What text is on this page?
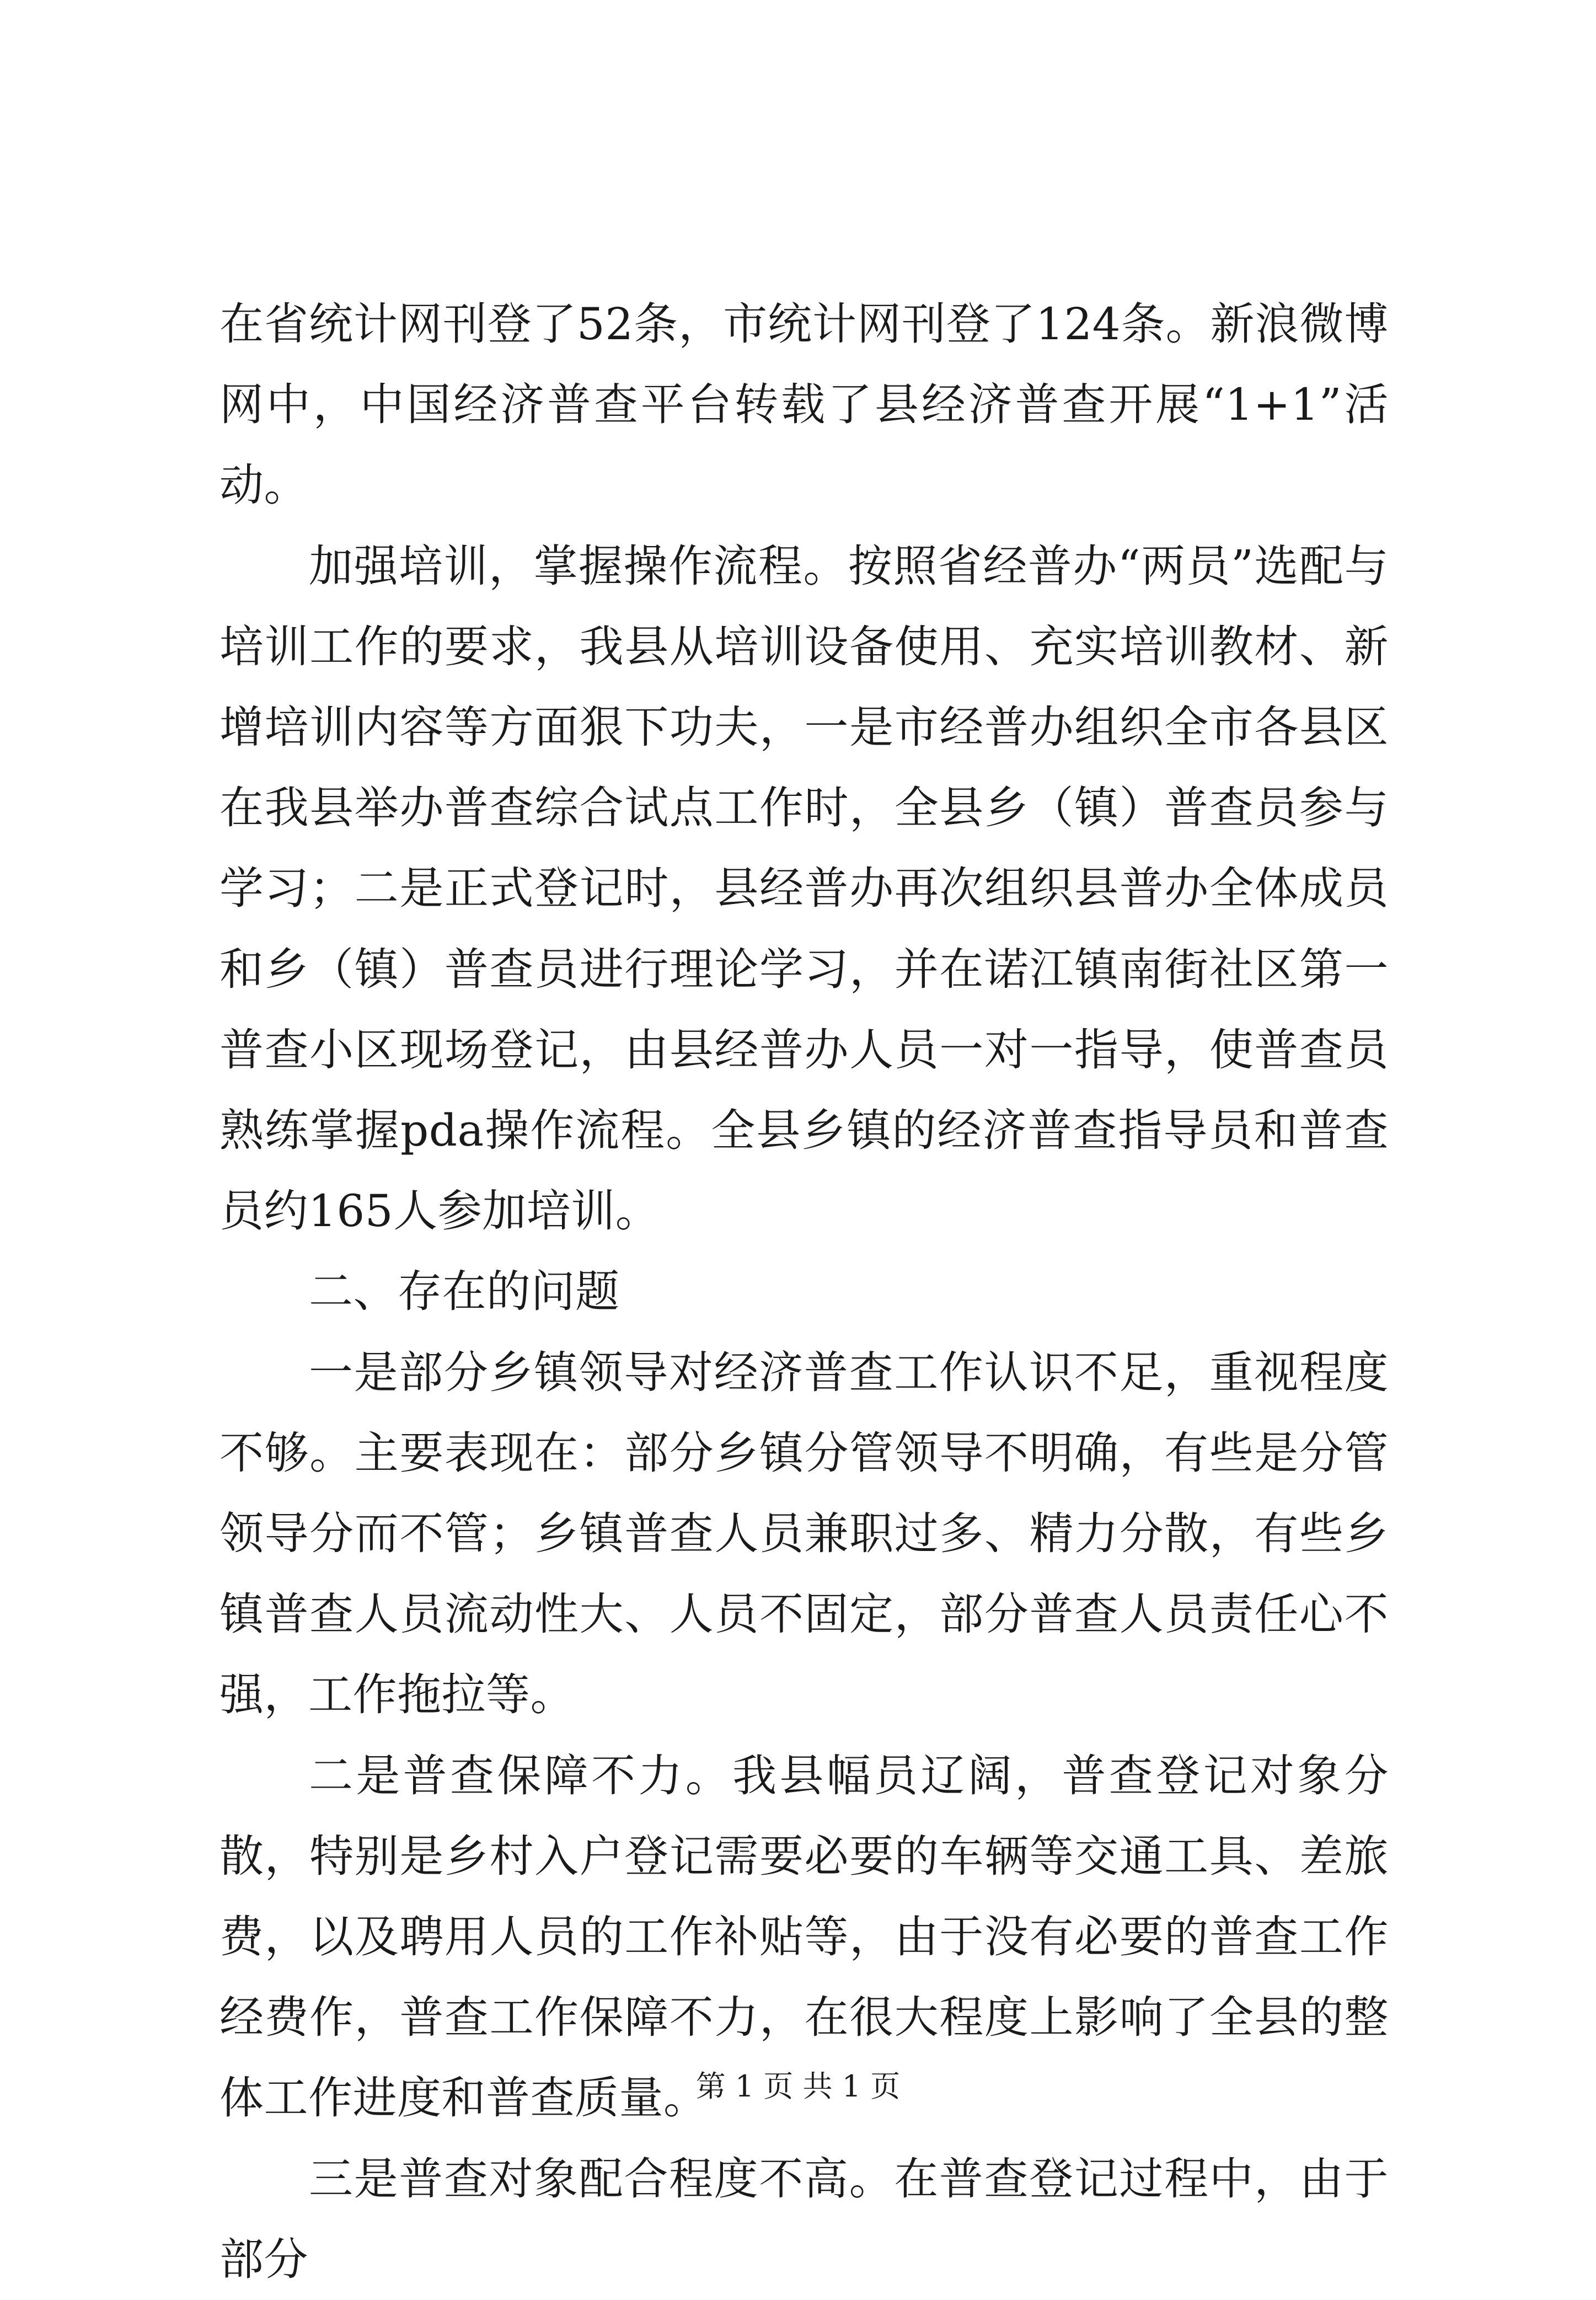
在省统计网刊登了52条，市统计网刊登了124条。新浪微博网中，中国经济普查平台转载了县经济普查开展“1+1”活动。

加强培训，掌握操作流程。按照省经普办“两员”选配与培训工作的要求，我县从培训设备使用、充实培训教材、新增培训内容等方面狠下功夫，一是市经普办组织全市各县区在我县举办普查综合试点工作时，全县乡（镇）普查员参与学习；二是正式登记时，县经普办再次组织县普办全体成员和乡（镇）普查员进行理论学习，并在诺江镇南街社区第一普查小区现场登记，由县经普办人员一对一指导，使普查员熟练掌握pda操作流程。全县乡镇的经济普查指导员和普查员约165人参加培训。

二、存在的问题

一是部分乡镇领导对经济普查工作认识不足，重视程度不够。主要表现在：部分乡镇分管领导不明确，有些是分管领导分而不管；乡镇普查人员兼职过多、精力分散，有些乡镇普查人员流动性大、人员不固定，部分普查人员责任心不强，工作拖拉等。

二是普查保障不力。我县幅员辽阔，普查登记对象分散，特别是乡村入户登记需要必要的车辆等交通工具、差旅费，以及聘用人员的工作补贴等，由于没有必要的普查工作经费作，普查工作保障不力，在很大程度上影响了全县的整体工作进度和普查质量。

三是普查对象配合程度不高。在普查登记过程中，由于部分

第 1 页 共 1 页
